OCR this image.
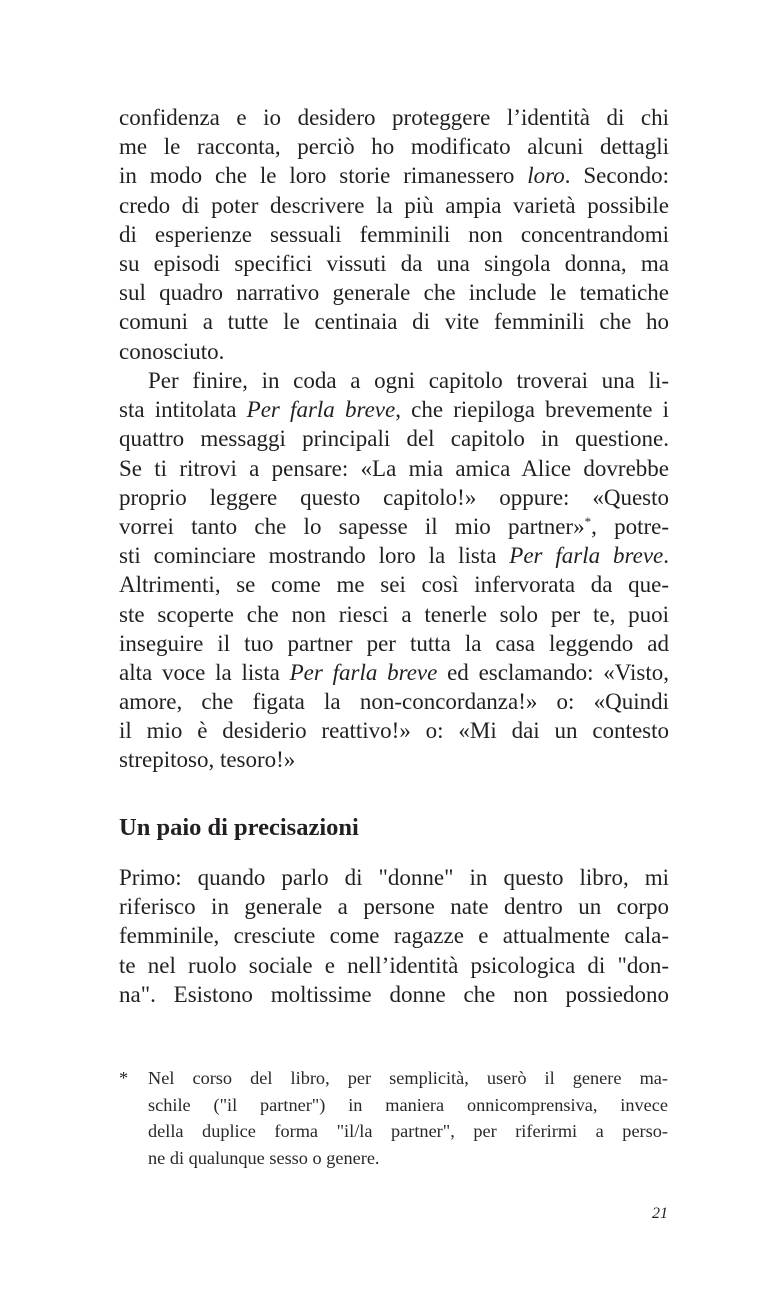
confidenza e io desidero proteggere l’identità di chi
me le racconta, perciò ho modificato alcuni dettagli
in modo che le loro storie rimanessero loro. Secondo:
credo di poter descrivere la più ampia varietà possibile
di esperienze sessuali femminili non concentrandomi
su episodi specifici vissuti da una singola donna, ma
sul quadro narrativo generale che include le tematiche
comuni a tutte le centinaia di vite femminili che ho
conosciuto.
Per finire, in coda a ogni capitolo troverai una li-
sta intitolata Per farla breve, che riepiloga brevemente i
quattro messaggi principali del capitolo in questione.
Se ti ritrovi a pensare: «La mia amica Alice dovrebbe
proprio leggere questo capitolo!» oppure: «Questo
vorrei tanto che lo sapesse il mio partner»*, potre-
sti cominciare mostrando loro la lista Per farla breve.
Altrimenti, se come me sei così infervorata da que-
ste scoperte che non riesci a tenerle solo per te, puoi
inseguire il tuo partner per tutta la casa leggendo ad
alta voce la lista Per farla breve ed esclamando: «Visto,
amore, che figata la non-concordanza!» o: «Quindi
il mio è desiderio reattivo!» o: «Mi dai un contesto
strepitoso, tesoro!»
Un paio di precisazioni
Primo: quando parlo di "donne" in questo libro, mi
riferisco in generale a persone nate dentro un corpo
femminile, cresciute come ragazze e attualmente cala-
te nel ruolo sociale e nell’identità psicologica di "don-
na". Esistono moltissime donne che non possiedono
*	Nel corso del libro, per semplicità, userò il genere ma-
schile ("il partner") in maniera onnicomprensiva, invece
della duplice forma "il/la partner", per riferirmi a perso-
ne di qualunque sesso o genere.
21
